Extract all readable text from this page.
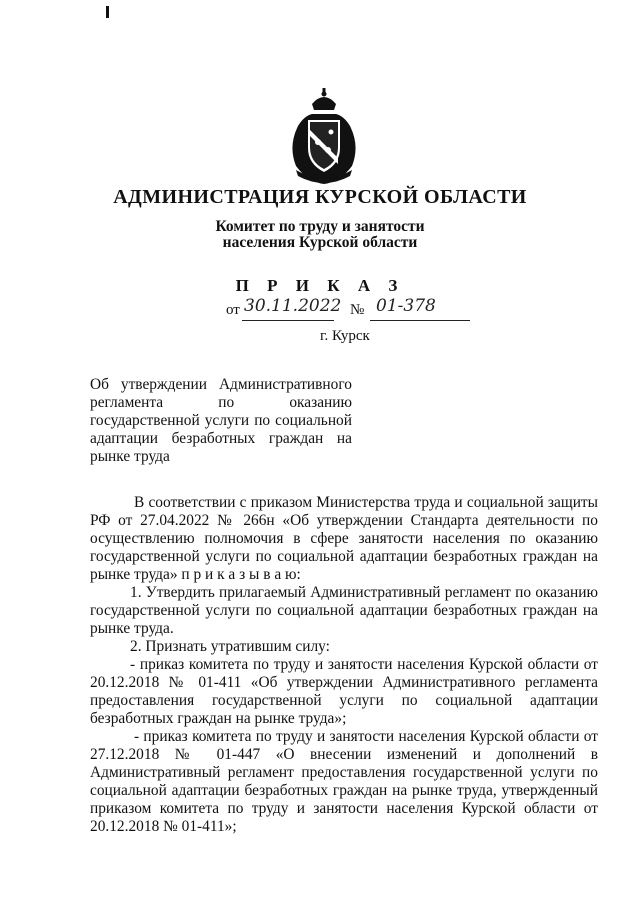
АДМИНИСТРАЦИЯ КУРСКОЙ ОБЛАСТИ
Комитет по труду и занятости
населения Курской области
П Р И К А З
от 30.11.2022 № 01-378
г. Курск
Об утверждении Административного регламента по оказанию государственной услуги по социальной адаптации безработных граждан на рынке труда

В соответствии с приказом Министерства труда и социальной защиты РФ от 27.04.2022 № 266н «Об утверждении Стандарта деятельности по осуществлению полномочия в сфере занятости населения по оказанию государственной услуги по социальной адаптации безработных граждан на рынке труда» п р и к а з ы в а ю:

1. Утвердить прилагаемый Административный регламент по оказанию государственной услуги по социальной адаптации безработных граждан на рынке труда.

2. Признать утратившим силу:

- приказ комитета по труду и занятости населения Курской области от 20.12.2018 № 01-411 «Об утверждении Административного регламента предоставления государственной услуги по социальной адаптации безработных граждан на рынке труда»;

- приказ комитета по труду и занятости населения Курской области от 27.12.2018 № 01-447 «О внесении изменений и дополнений в Административный регламент предоставления государственной услуги по социальной адаптации безработных граждан на рынке труда, утвержденный приказом комитета по труду и занятости населения Курской области от 20.12.2018 № 01-411»;
